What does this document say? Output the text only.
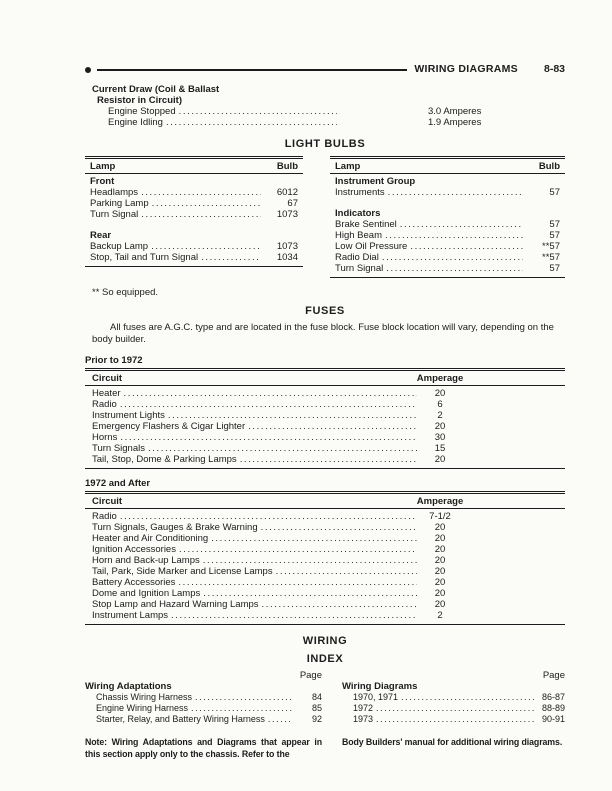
WIRING DIAGRAMS 8-83
Current Draw (Coil & Ballast
Resistor in Circuit)
Engine Stopped .....	3.0 Amperes
Engine Idling .....	1.9 Amperes
LIGHT BULBS
Lamp	Bulb
Front
Headlamps .....	6012
Parking Lamp .....	67
Turn Signal .....	1073
Rear
Backup Lamp .....	1073
Stop, Tail and Turn Signal .....	1034
Lamp	Bulb
Instrument Group
Instruments .....	57
Indicators
Brake Sentinel .....	57
High Beam .....	57
Low Oil Pressure .....	**57
Radio Dial .....	**57
Turn Signal .....	57
** So equipped.
FUSES
All fuses are A.G.C. type and are located in the fuse block. Fuse block location will vary, depending on the body builder.
Prior to 1972
Circuit	Amperage
Heater .....	20
Radio .....	6
Instrument Lights .....	2
Emergency Flashers & Cigar Lighter .....	20
Horns .....	30
Turn Signals .....	15
Tail, Stop, Dome & Parking Lamps .....	20
1972 and After
Circuit	Amperage
Radio .....	7-1/2
Turn Signals, Gauges & Brake Warning .....	20
Heater and Air Conditioning .....	20
Ignition Accessories .....	20
Horn and Back-up Lamps .....	20
Tail, Park, Side Marker and License Lamps .....	20
Battery Accessories .....	20
Dome and Ignition Lamps .....	20
Stop Lamp and Hazard Warning Lamps .....	20
Instrument Lamps .....	2
WIRING
INDEX
Page
Wiring Adaptations
Chassis Wiring Harness .....	84
Engine Wiring Harness .....	85
Starter, Relay, and Battery Wiring Harness .....	92
Page
Wiring Diagrams
1970, 1971 .....	86-87
1972 .....	88-89
1973 .....	90-91
Note: Wiring Adaptations and Diagrams that appear in this section apply only to the chassis. Refer to the
Body Builders' manual for additional wiring diagrams.
